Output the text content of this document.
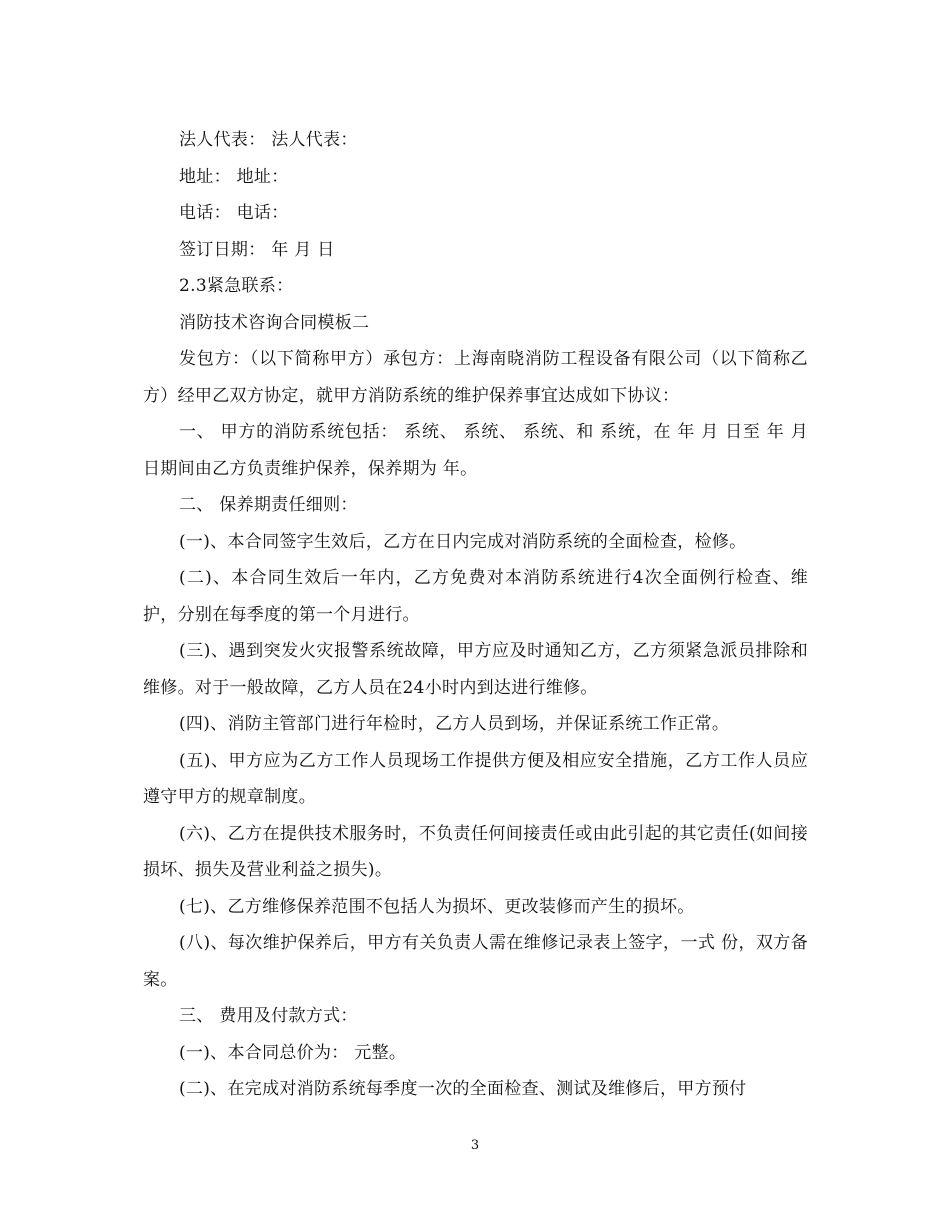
法人代表： 法人代表：

地址： 地址：

电话： 电话：

签订日期： 年 月 日

2.3紧急联系：

消防技术咨询合同模板二

发包方：（以下简称甲方）承包方：上海南晓消防工程设备有限公司（以下简称乙方）经甲乙双方协定，就甲方消防系统的维护保养事宜达成如下协议：

一、 甲方的消防系统包括： 系统、 系统、 系统、和 系统，在 年 月 日至 年 月 日期间由乙方负责维护保养，保养期为 年。

二、 保养期责任细则：

(一)、本合同签字生效后，乙方在日内完成对消防系统的全面检查，检修。

(二)、本合同生效后一年内，乙方免费对本消防系统进行4次全面例行检查、维护，分别在每季度的第一个月进行。

(三)、遇到突发火灾报警系统故障，甲方应及时通知乙方，乙方须紧急派员排除和维修。对于一般故障，乙方人员在24小时内到达进行维修。

(四)、消防主管部门进行年检时，乙方人员到场，并保证系统工作正常。

(五)、甲方应为乙方工作人员现场工作提供方便及相应安全措施，乙方工作人员应遵守甲方的规章制度。

(六)、乙方在提供技术服务时，不负责任何间接责任或由此引起的其它责任(如间接损坏、损失及营业利益之损失)。

(七)、乙方维修保养范围不包括人为损坏、更改装修而产生的损坏。

(八)、每次维护保养后，甲方有关负责人需在维修记录表上签字，一式 份，双方备案。

三、 费用及付款方式：

(一)、本合同总价为： 元整。

(二)、在完成对消防系统每季度一次的全面检查、测试及维修后，甲方预付

3
